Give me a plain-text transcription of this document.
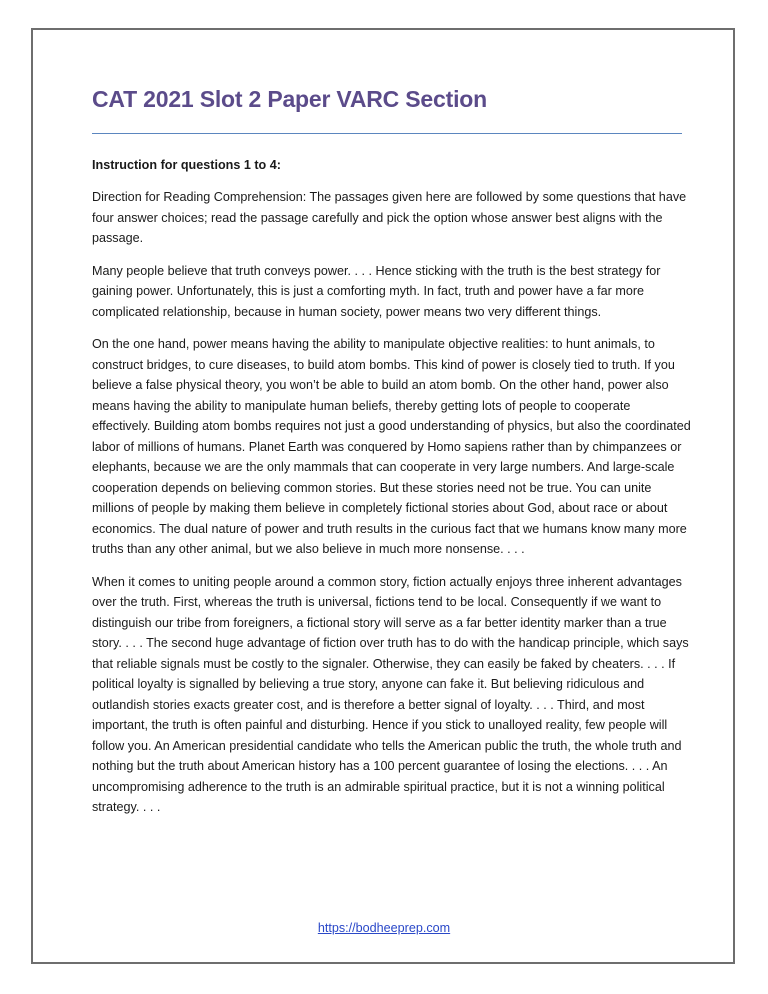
CAT 2021 Slot 2 Paper VARC Section

Instruction for questions 1 to 4:

Direction for Reading Comprehension: The passages given here are followed by some questions that have four answer choices; read the passage carefully and pick the option whose answer best aligns with the passage.

Many people believe that truth conveys power. . . . Hence sticking with the truth is the best strategy for gaining power. Unfortunately, this is just a comforting myth. In fact, truth and power have a far more complicated relationship, because in human society, power means two very different things.

On the one hand, power means having the ability to manipulate objective realities: to hunt animals, to construct bridges, to cure diseases, to build atom bombs. This kind of power is closely tied to truth. If you believe a false physical theory, you won’t be able to build an atom bomb. On the other hand, power also means having the ability to manipulate human beliefs, thereby getting lots of people to cooperate effectively. Building atom bombs requires not just a good understanding of physics, but also the coordinated labor of millions of humans. Planet Earth was conquered by Homo sapiens rather than by chimpanzees or elephants, because we are the only mammals that can cooperate in very large numbers. And large-scale cooperation depends on believing common stories. But these stories need not be true. You can unite millions of people by making them believe in completely fictional stories about God, about race or about economics. The dual nature of power and truth results in the curious fact that we humans know many more truths than any other animal, but we also believe in much more nonsense. . . .

When it comes to uniting people around a common story, fiction actually enjoys three inherent advantages over the truth. First, whereas the truth is universal, fictions tend to be local. Consequently if we want to distinguish our tribe from foreigners, a fictional story will serve as a far better identity marker than a true story. . . . The second huge advantage of fiction over truth has to do with the handicap principle, which says that reliable signals must be costly to the signaler. Otherwise, they can easily be faked by cheaters. . . . If political loyalty is signalled by believing a true story, anyone can fake it. But believing ridiculous and outlandish stories exacts greater cost, and is therefore a better signal of loyalty. . . . Third, and most important, the truth is often painful and disturbing. Hence if you stick to unalloyed reality, few people will follow you. An American presidential candidate who tells the American public the truth, the whole truth and nothing but the truth about American history has a 100 percent guarantee of losing the elections. . . . An uncompromising adherence to the truth is an admirable spiritual practice, but it is not a winning political strategy. . . .

https://bodheeprep.com
